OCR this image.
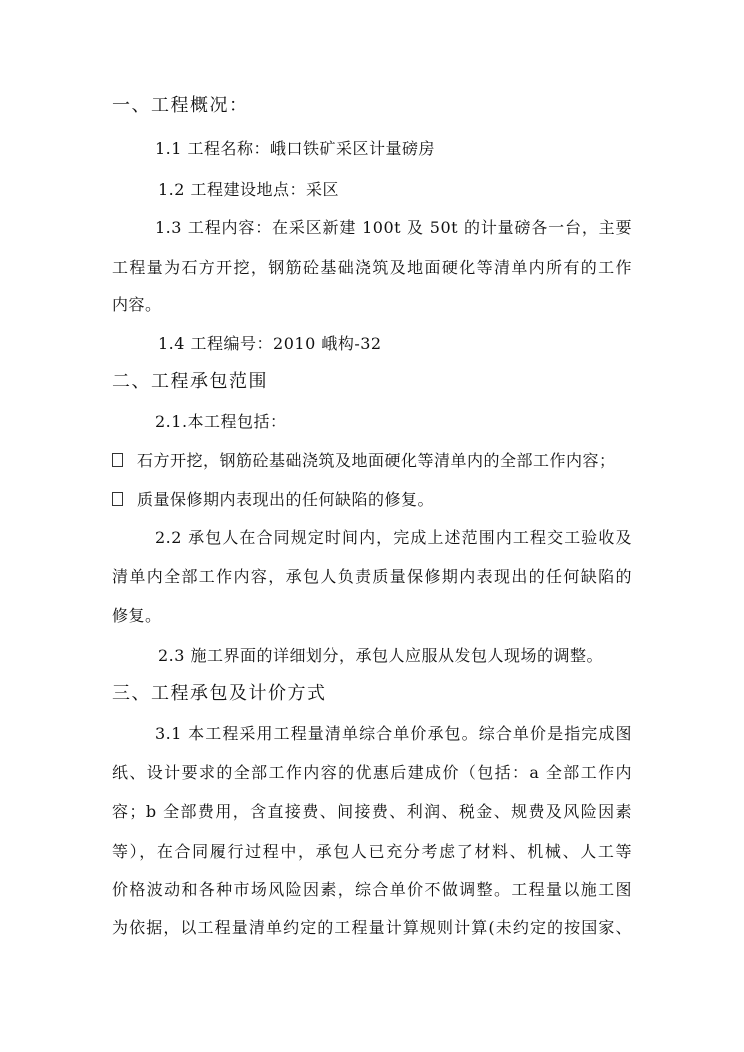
一、工程概况：
1.1 工程名称：峨口铁矿采区计量磅房
1.2 工程建设地点：采区
1.3 工程内容：在采区新建 100t 及 50t 的计量磅各一台，主要
工程量为石方开挖，钢筋砼基础浇筑及地面硬化等清单内所有的工作
内容。
1.4 工程编号：2010 峨构-32
二、工程承包范围
2.1.本工程包括：
石方开挖，钢筋砼基础浇筑及地面硬化等清单内的全部工作内容；
质量保修期内表现出的任何缺陷的修复。
2.2 承包人在合同规定时间内，完成上述范围内工程交工验收及
清单内全部工作内容，承包人负责质量保修期内表现出的任何缺陷的
修复。
2.3 施工界面的详细划分，承包人应服从发包人现场的调整。
三、工程承包及计价方式
3.1 本工程采用工程量清单综合单价承包。综合单价是指完成图
纸、设计要求的全部工作内容的优惠后建成价（包括：a 全部工作内
容；b 全部费用，含直接费、间接费、利润、税金、规费及风险因素
等），在合同履行过程中，承包人已充分考虑了材料、机械、人工等
价格波动和各种市场风险因素，综合单价不做调整。工程量以施工图
为依据，以工程量清单约定的工程量计算规则计算(未约定的按国家、
